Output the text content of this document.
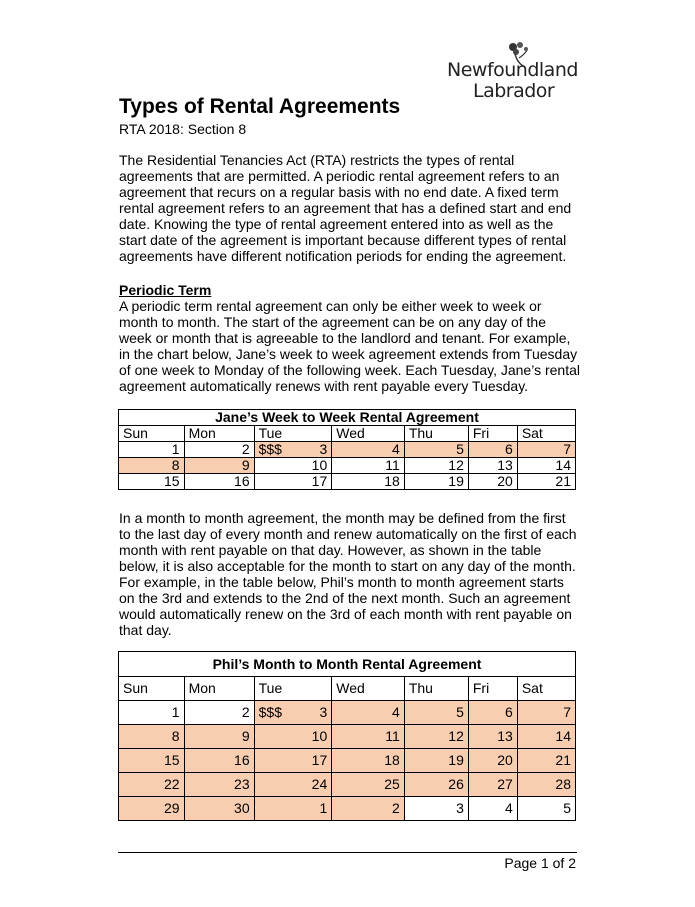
Newfoundland
Labrador
Types of Rental Agreements
RTA 2018: Section 8

The Residential Tenancies Act (RTA) restricts the types of rental agreements that are permitted. A periodic rental agreement refers to an agreement that recurs on a regular basis with no end date. A fixed term rental agreement refers to an agreement that has a defined start and end date. Knowing the type of rental agreement entered into as well as the start date of the agreement is important because different types of rental agreements have different notification periods for ending the agreement.

Periodic Term

A periodic term rental agreement can only be either week to week or month to month. The start of the agreement can be on any day of the week or month that is agreeable to the landlord and tenant. For example, in the chart below, Jane’s week to week agreement extends from Tuesday of one week to Monday of the following week. Each Tuesday, Jane’s rental agreement automatically renews with rent payable every Tuesday.

Jane’s Week to Week Rental Agreement						
Sun	Mon	Tue	Wed	Thu	Fri	Sat
1	2	$$$ 3	4	5	6	7
8	9	10	11	12	13	14
15	16	17	18	19	20	21

In a month to month agreement, the month may be defined from the first to the last day of every month and renew automatically on the first of each month with rent payable on that day. However, as shown in the table below, it is also acceptable for the month to start on any day of the month. For example, in the table below, Phil’s month to month agreement starts on the 3rd and extends to the 2nd of the next month. Such an agreement would automatically renew on the 3rd of each month with rent payable on that day.

Phil’s Month to Month Rental Agreement						
Sun	Mon	Tue	Wed	Thu	Fri	Sat
1	2	$$$ 3	4	5	6	7
8	9	10	11	12	13	14
15	16	17	18	19	20	21
22	23	24	25	26	27	28
29	30	1	2	3	4	5
Page 1 of 2
